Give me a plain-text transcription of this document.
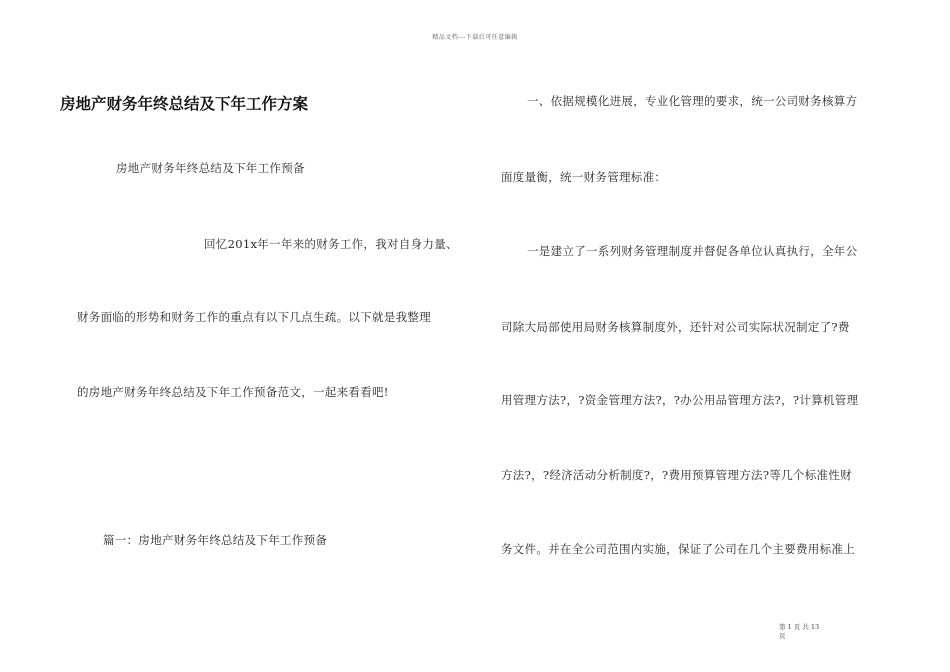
精品文档---下载后可任意编辑
房地产财务年终总结及下年工作方案
房地产财务年终总结及下年工作预备
回忆201x年一年来的财务工作，我对自身力量、
财务面临的形势和财务工作的重点有以下几点生疏。以下就是我整理
的房地产财务年终总结及下年工作预备范文，一起来看看吧!
篇一：房地产财务年终总结及下年工作预备
一、依据规模化进展，专业化管理的要求，统一公司财务核算方
面度量衡，统一财务管理标准：
一是建立了一系列财务管理制度并督促各单位认真执行，全年公
司除大局部使用局财务核算制度外，还针对公司实际状况制定了?费
用管理方法?，?资金管理方法?，?办公用品管理方法?，?计算机管理
方法?，?经济活动分析制度?，?费用预算管理方法?等几个标准性财
务文件。并在全公司范围内实施，保证了公司在几个主要费用标准上
第 1 页 共 13
页
